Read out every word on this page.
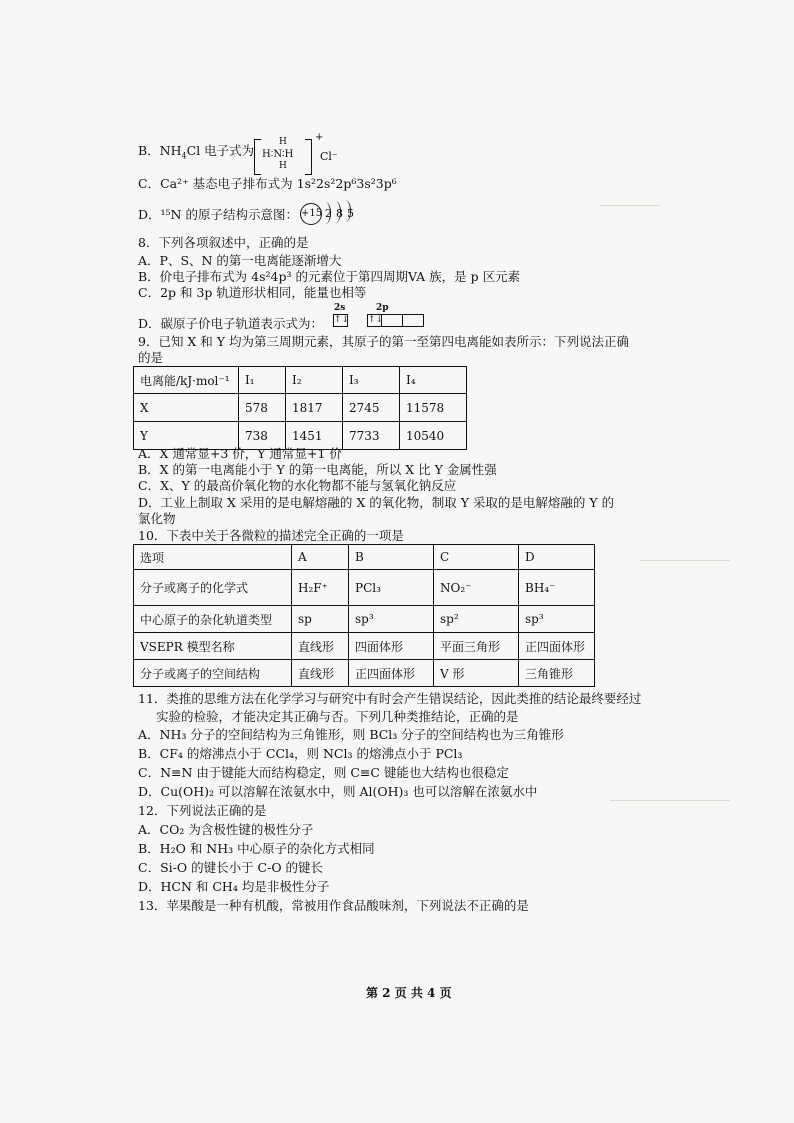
B．$NH_4Cl$ 电子式为
H
H∶N∶H
H
+
Cl⁻
C．Ca²⁺ 基态电子排布式为 1s²2s²2p⁶3s²3p⁶
D．¹⁵N 的原子结构示意图： +15 2 8 5
8．下列各项叙述中，正确的是
A．P、S、N 的第一电离能逐渐增大
B．价电子排布式为 4s²4p³ 的元素位于第四周期VA 族，是 p 区元素
C．2p 和 3p 轨道形状相同，能量也相等
2s	2p
D．碳原子价电子轨道表示式为： ↑↓ ↑↓
9．已知 X 和 Y 均为第三周期元素，其原子的第一至第四电离能如表所示：下列说法正确
的是
电离能/kJ·mol⁻¹	I₁	I₂	I₃	I₄
X	578	1817	2745	11578
Y	738	1451	7733	10540
A．X 通常显+3 价，Y 通常显+1 价
B．X 的第一电离能小于 Y 的第一电离能，所以 X 比 Y 金属性强
C．X、Y 的最高价氧化物的水化物都不能与氢氧化钠反应
D．工业上制取 X 采用的是电解熔融的 X 的氧化物，制取 Y 采取的是电解熔融的 Y 的
氯化物
10．下表中关于各微粒的描述完全正确的一项是
选项	A	B	C	D
分子或离子的化学式	H₂F⁺	PCl₃	NO₂⁻	BH₄⁻
中心原子的杂化轨道类型	sp	sp³	sp²	sp³
VSEPR 模型名称	直线形	四面体形	平面三角形	正四面体形
分子或离子的空间结构	直线形	正四面体形	V 形	三角锥形
11．类推的思维方法在化学学习与研究中有时会产生错误结论，因此类推的结论最终要经过
实验的检验，才能决定其正确与否。下列几种类推结论，正确的是
A．NH₃ 分子的空间结构为三角锥形，则 BCl₃ 分子的空间结构也为三角锥形
B．CF₄ 的熔沸点小于 CCl₄，则 NCl₃ 的熔沸点小于 PCl₃
C．N≡N 由于键能大而结构稳定，则 C≡C 键能也大结构也很稳定
D．Cu(OH)₂ 可以溶解在浓氨水中，则 Al(OH)₃ 也可以溶解在浓氨水中
12．下列说法正确的是
A．CO₂ 为含极性键的极性分子
B．H₂O 和 NH₃ 中心原子的杂化方式相同
C．Si-O 的键长小于 C-O 的键长
D．HCN 和 CH₄ 均是非极性分子
13．苹果酸是一种有机酸，常被用作食品酸味剂，下列说法不正确的是
第 2 页 共 4 页
